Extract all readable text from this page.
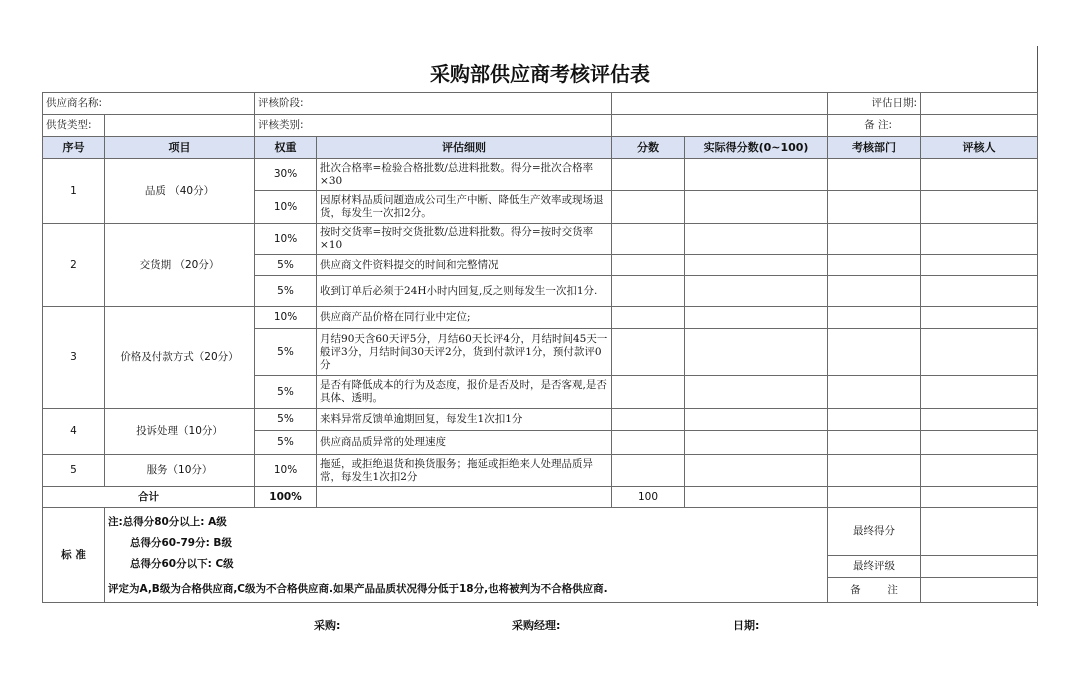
采购部供应商考核评估表
供应商名称:		评核阶段:				评估日期:	
供货类型:		评核类别:				备 注:	
序号	项目	权重	评估细则	分数	实际得分数(0~100)	考核部门	评核人
1	品质 （40分）	30%	批次合格率=检验合格批数/总进料批数。得分=批次合格率×30				
		10%	因原材料品质问题造成公司生产中断、降低生产效率或现场退货，每发生一次扣2分。				
2	交货期 （20分）	10%	按时交货率=按时交货批数/总进料批数。得分=按时交货率×10				
		5%	供应商文件资料提交的时间和完整情况				
		5%	收到订单后必须于24H小时内回复,反之则每发生一次扣1分.				
3	价格及付款方式（20分）	10%	供应商产品价格在同行业中定位;				
		5%	月结90天含60天评5分，月结60天长评4分，月结时间45天一般评3分，月结时间30天评2分，货到付款评1分，预付款评0分				
		5%	是否有降低成本的行为及态度，报价是否及时，是否客观,是否具体、透明。				
4	投诉处理（10分）	5%	来料异常反馈单逾期回复，每发生1次扣1分				
		5%	供应商品质异常的处理速度				
5	服务（10分）	10%	拖延，或拒绝退货和换货服务；拖延或拒绝来人处理品质异常，每发生1次扣2分				
合计		100%		100			
标 准	注:总得分80分以上: A级
总得分60-79分: B级
总得分60分以下: C级					最终得分	
						最终评级	
	评定为A,B级为合格供应商,C级为不合格供应商.如果产品品质状况得分低于18分,也将被判为不合格供应商.					备        注	
采购:	采购经理:	日期:
